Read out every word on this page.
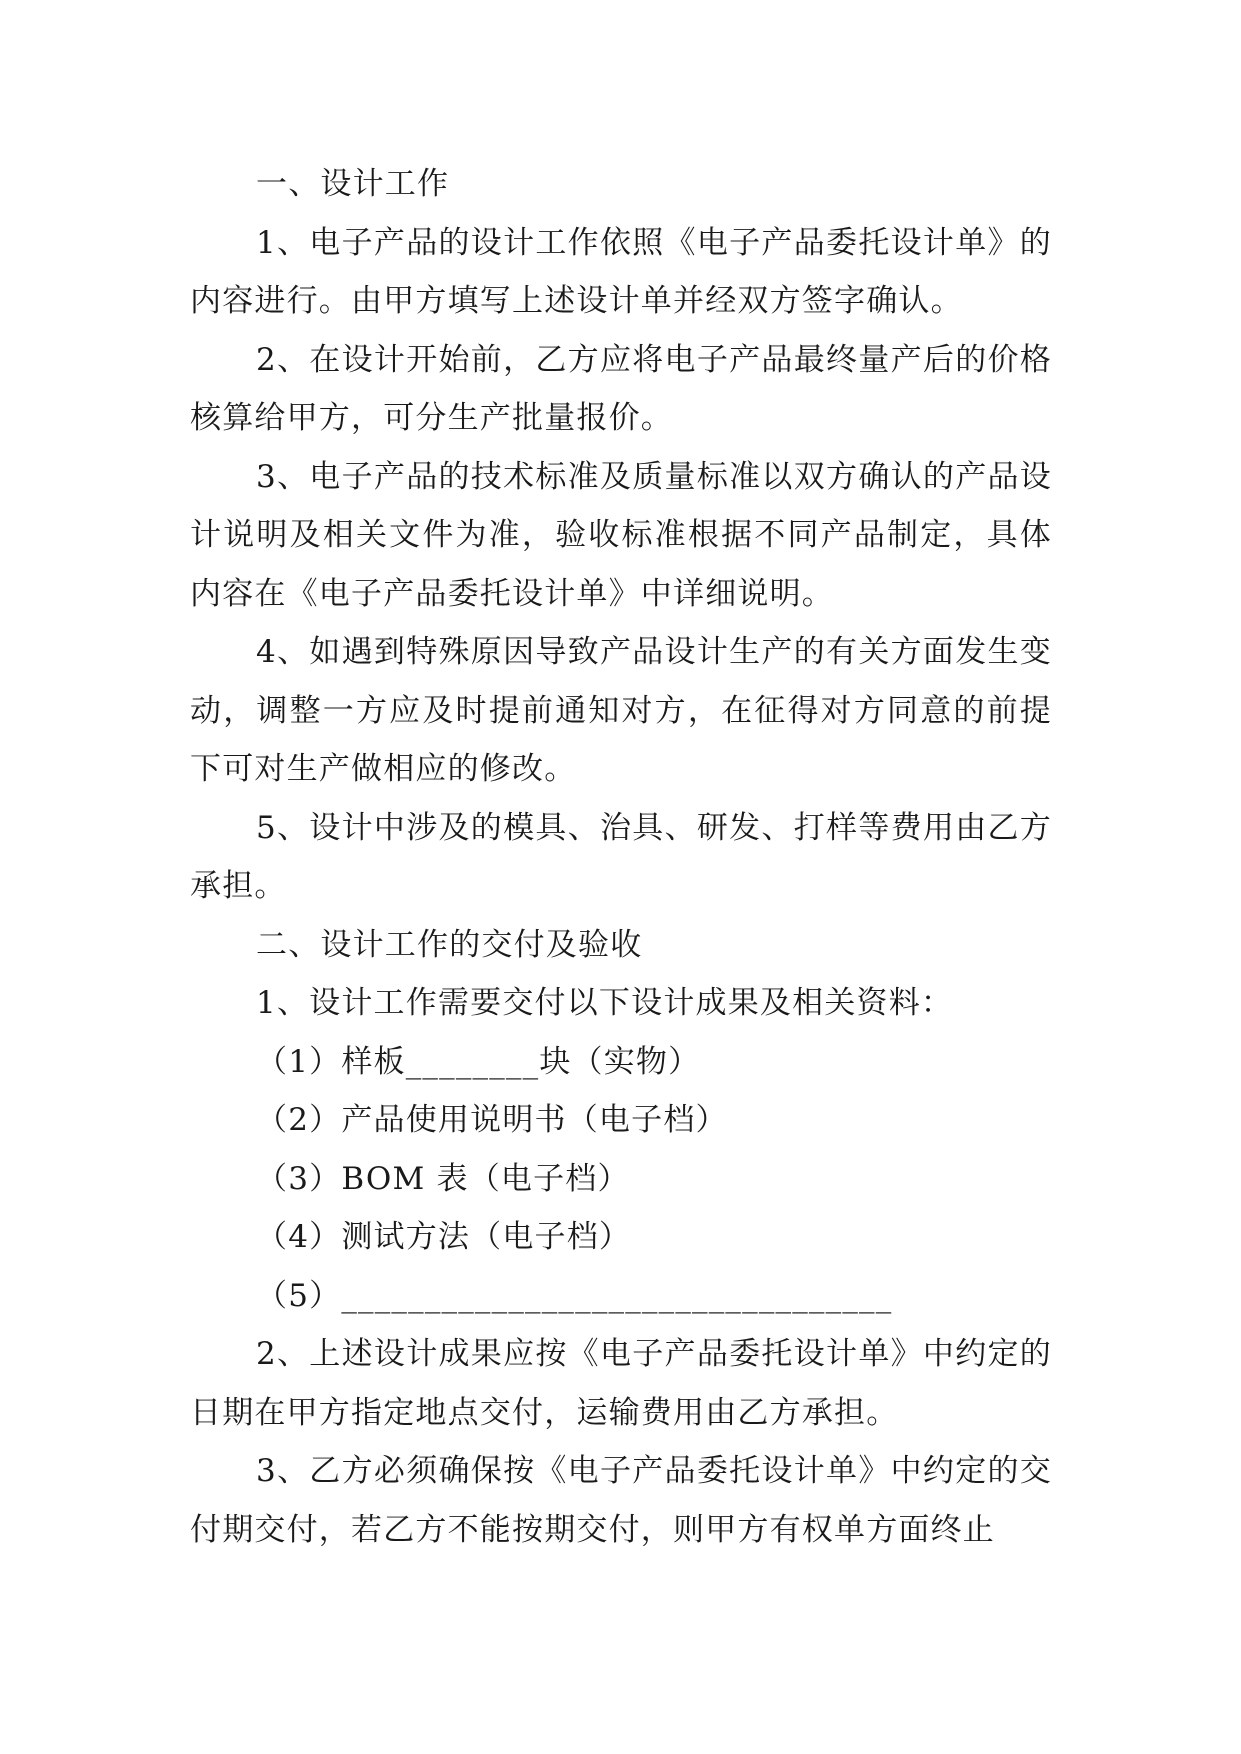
一、设计工作

1、电子产品的设计工作依照《电子产品委托设计单》的内容进行。由甲方填写上述设计单并经双方签字确认。

2、在设计开始前，乙方应将电子产品最终量产后的价格核算给甲方，可分生产批量报价。

3、电子产品的技术标准及质量标准以双方确认的产品设计说明及相关文件为准，验收标准根据不同产品制定，具体内容在《电子产品委托设计单》中详细说明。

4、如遇到特殊原因导致产品设计生产的有关方面发生变动，调整一方应及时提前通知对方，在征得对方同意的前提下可对生产做相应的修改。

5、设计中涉及的模具、治具、研发、打样等费用由乙方承担。

二、设计工作的交付及验收

1、设计工作需要交付以下设计成果及相关资料：

（1）样板________块（实物）

（2）产品使用说明书（电子档）

（3）BOM 表（电子档）

（4）测试方法（电子档）

（5）_________________________________

2、上述设计成果应按《电子产品委托设计单》中约定的日期在甲方指定地点交付，运输费用由乙方承担。

3、乙方必须确保按《电子产品委托设计单》中约定的交付期交付，若乙方不能按期交付，则甲方有权单方面终止
